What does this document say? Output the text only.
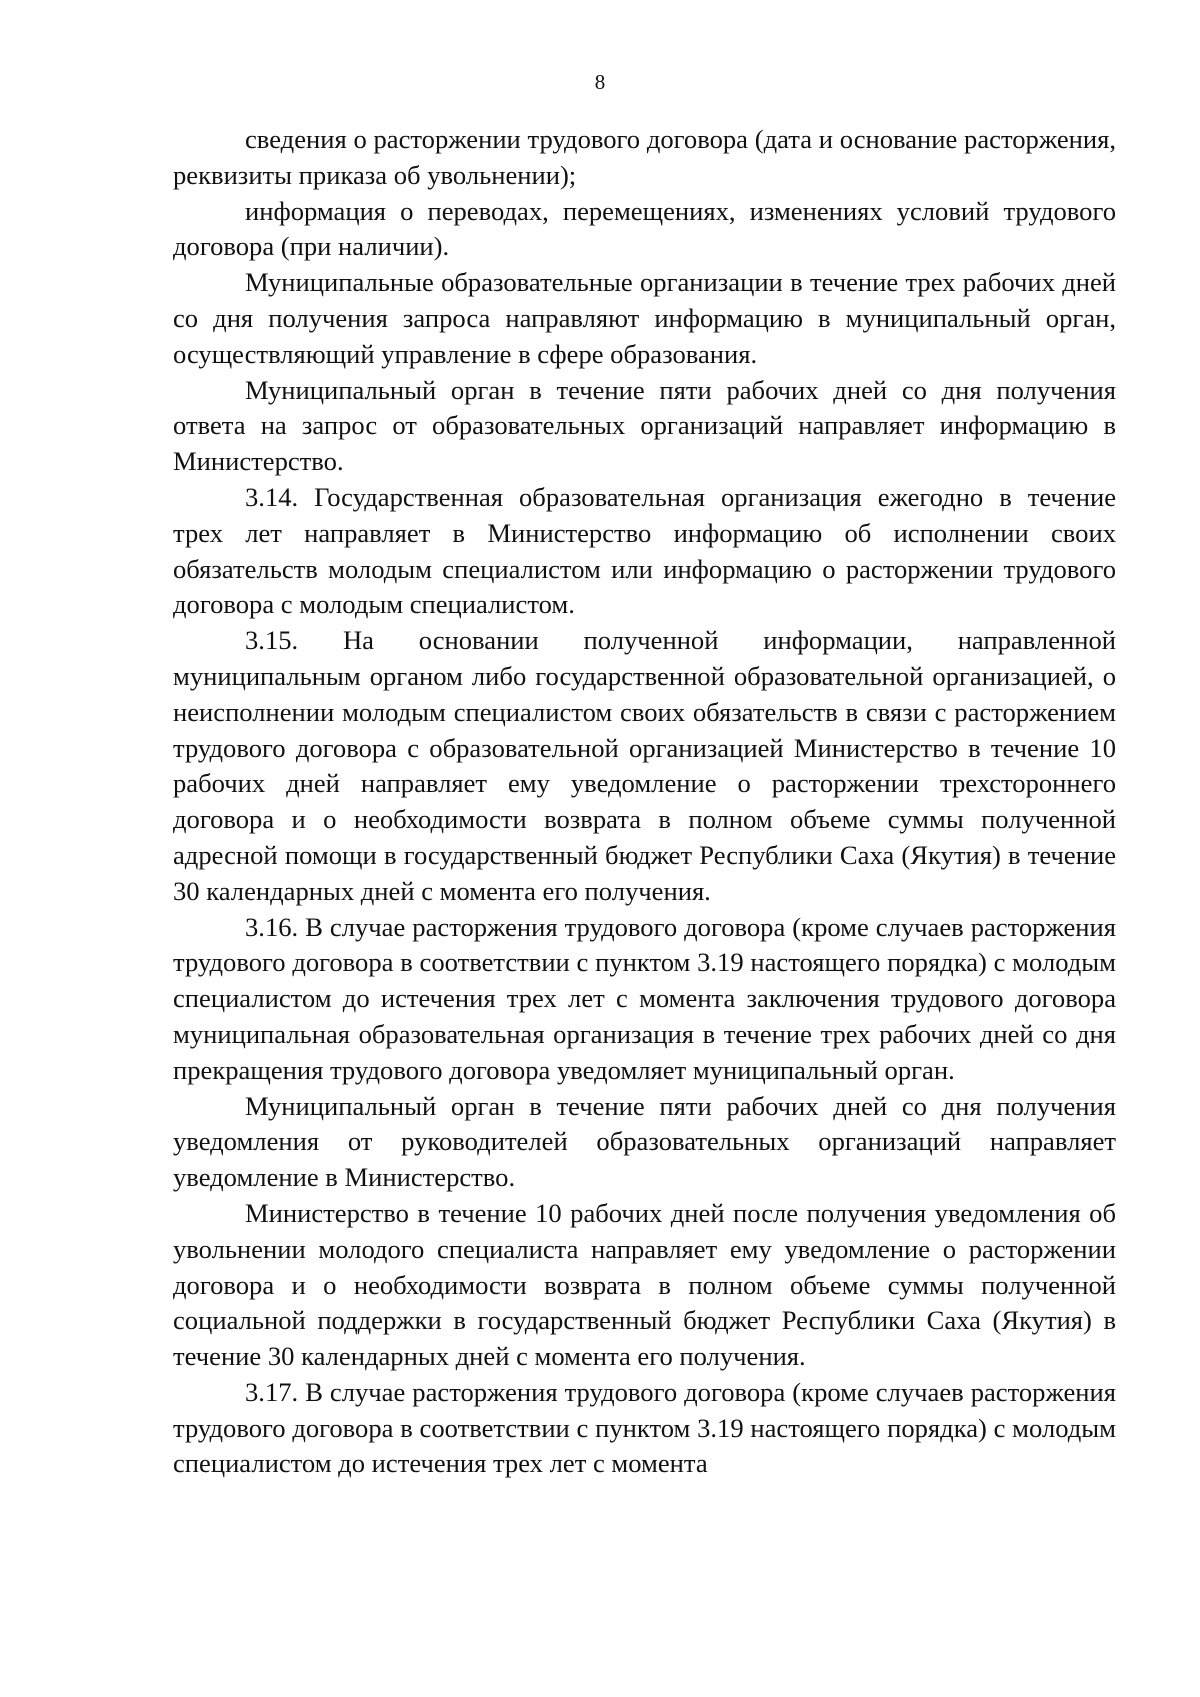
8

сведения о расторжении трудового договора (дата и основание расторжения, реквизиты приказа об увольнении);

информация о переводах, перемещениях, изменениях условий трудового договора (при наличии).

Муниципальные образовательные организации в течение трех рабочих дней со дня получения запроса направляют информацию в муниципальный орган, осуществляющий управление в сфере образования.

Муниципальный орган в течение пяти рабочих дней со дня получения ответа на запрос от образовательных организаций направляет информацию в Министерство.

3.14. Государственная образовательная организация ежегодно в течение трех лет направляет в Министерство информацию об исполнении своих обязательств молодым специалистом или информацию о расторжении трудового договора с молодым специалистом.

3.15. На основании полученной информации, направленной муниципальным органом либо государственной образовательной организацией, о неисполнении молодым специалистом своих обязательств в связи с расторжением трудового договора с образовательной организацией Министерство в течение 10 рабочих дней направляет ему уведомление о расторжении трехстороннего договора и о необходимости возврата в полном объеме суммы полученной адресной помощи в государственный бюджет Республики Саха (Якутия) в течение 30 календарных дней с момента его получения.

3.16. В случае расторжения трудового договора (кроме случаев расторжения трудового договора в соответствии с пунктом 3.19 настоящего порядка) с молодым специалистом до истечения трех лет с момента заключения трудового договора муниципальная образовательная организация в течение трех рабочих дней со дня прекращения трудового договора уведомляет муниципальный орган.

Муниципальный орган в течение пяти рабочих дней со дня получения уведомления от руководителей образовательных организаций направляет уведомление в Министерство.

Министерство в течение 10 рабочих дней после получения уведомления об увольнении молодого специалиста направляет ему уведомление о расторжении договора и о необходимости возврата в полном объеме суммы полученной социальной поддержки в государственный бюджет Республики Саха (Якутия) в течение 30 календарных дней с момента его получения.

3.17. В случае расторжения трудового договора (кроме случаев расторжения трудового договора в соответствии с пунктом 3.19 настоящего порядка) с молодым специалистом до истечения трех лет с момента
